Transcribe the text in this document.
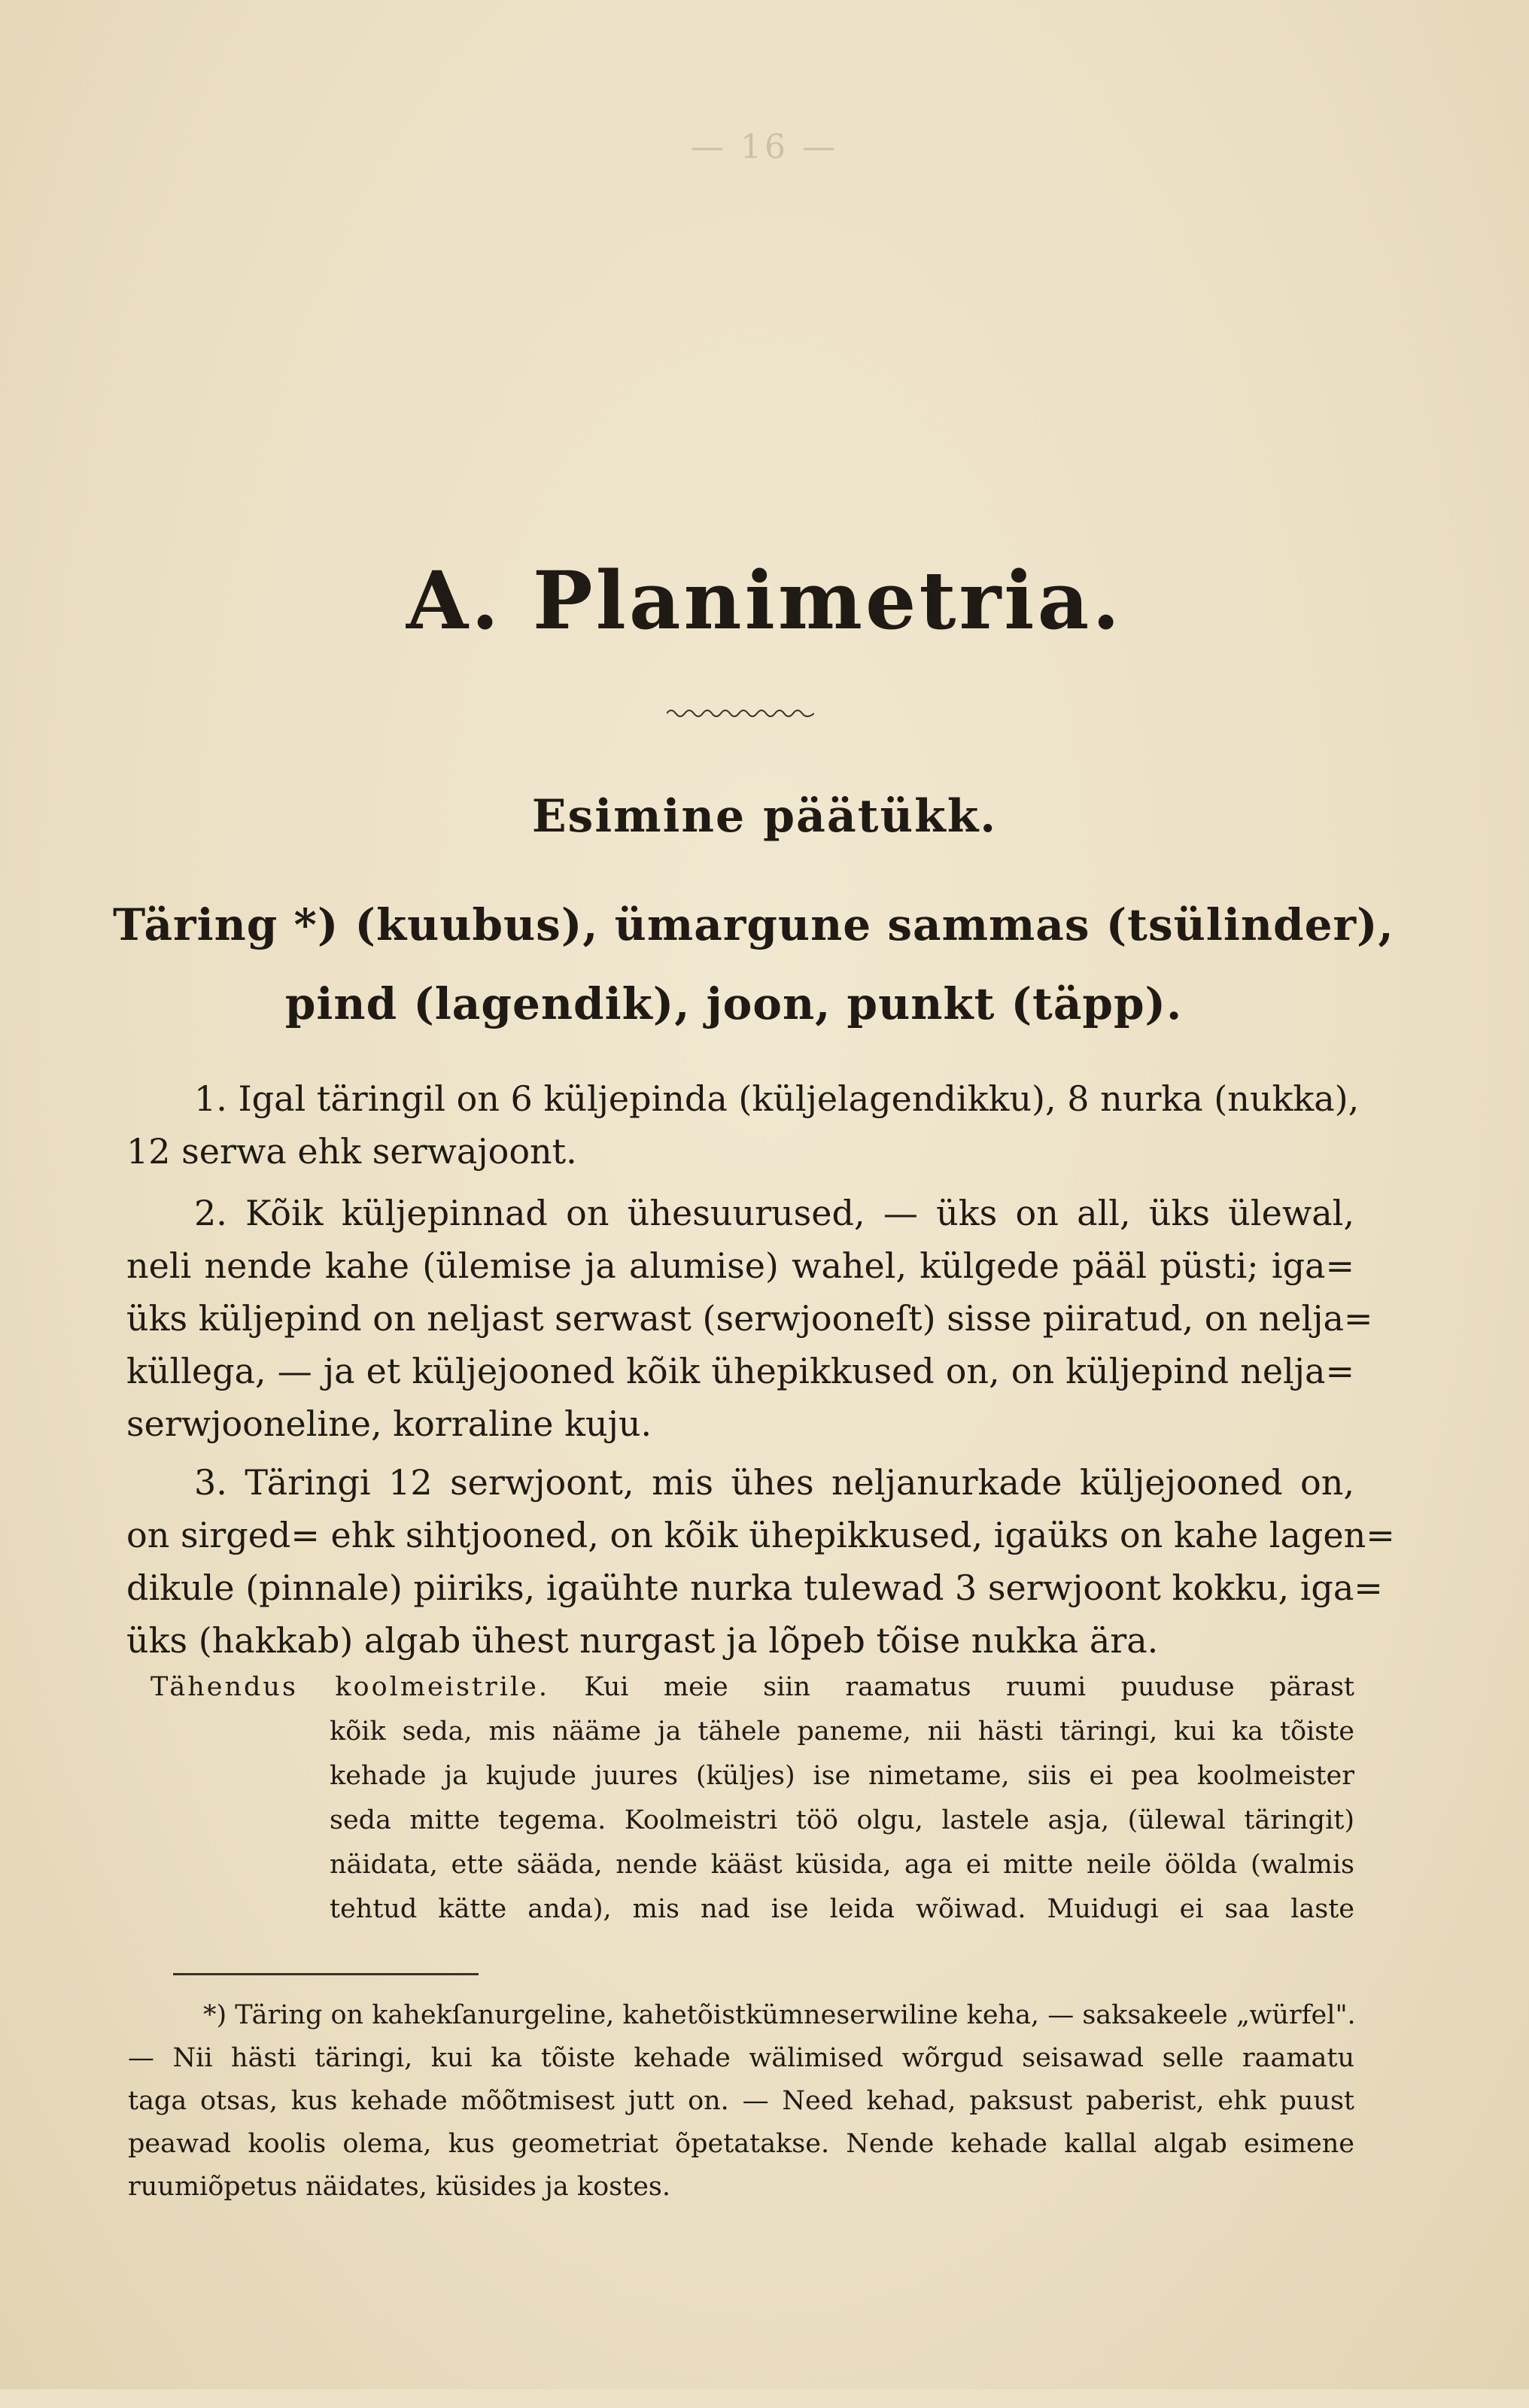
— 16 —
A. Planimetria.
Esimine päätükk.
Täring *) (kuubus), ümargune sammas (tsülinder),
pind (lagendik), joon, punkt (täpp).
1. Igal täringil on 6 küljepinda (küljelagendikku), 8 nurka (nukka),
12 serwa ehk serwajoont.
2. Kõik küljepinnad on ühesuurused, — üks on all, üks ülewal,
neli nende kahe (ülemise ja alumise) wahel, külgede pääl püsti; iga=
üks küljepind on neljast serwast (serwjooneſt) sisse piiratud, on nelja=
küllega, — ja et küljejooned kõik ühepikkused on, on küljepind nelja=
serwjooneline, korraline kuju.
3. Täringi 12 serwjoont, mis ühes neljanurkade küljejooned on,
on sirged= ehk sihtjooned, on kõik ühepikkused, igaüks on kahe lagen=
dikule (pinnale) piiriks, igaühte nurka tulewad 3 serwjoont kokku, iga=
üks (hakkab) algab ühest nurgast ja lõpeb tõise nukka ära.
Tähendus koolmeistrile. Kui meie siin raamatus ruumi puuduse pärast
kõik seda, mis nääme ja tähele paneme, nii hästi täringi, kui ka tõiste
kehade ja kujude juures (küljes) ise nimetame, siis ei pea koolmeister
seda mitte tegema. Koolmeistri töö olgu, lastele asja, (ülewal täringit)
näidata, ette sääda, nende kääst küsida, aga ei mitte neile öölda (walmis
tehtud kätte anda), mis nad ise leida wõiwad. Muidugi ei saa laste
*) Täring on kahekſanurgeline, kahetõistkümneserwiline keha, — saksakeele „würfel".
— Nii hästi täringi, kui ka tõiste kehade wälimised wõrgud seisawad selle raamatu
taga otsas, kus kehade mõõtmisest jutt on. — Need kehad, paksust paberist, ehk puust
peawad koolis olema, kus geometriat õpetatakse. Nende kehade kallal algab esimene
ruumiõpetus näidates, küsides ja kostes.
